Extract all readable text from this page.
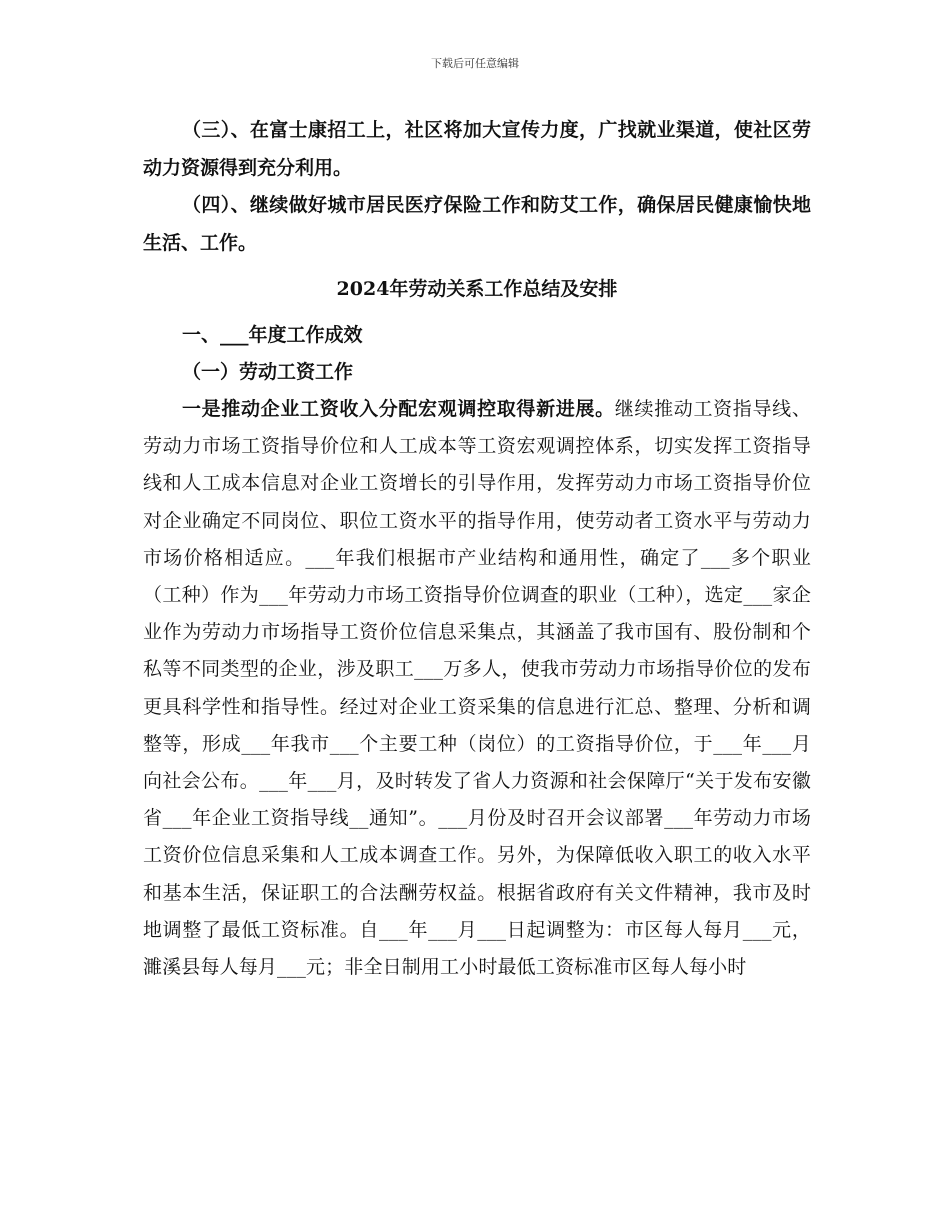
下载后可任意编辑

（三）、在富士康招工上，社区将加大宣传力度，广找就业渠道，使社区劳动力资源得到充分利用。

（四）、继续做好城市居民医疗保险工作和防艾工作，确保居民健康愉快地生活、工作。

2024年劳动关系工作总结及安排

一、___年度工作成效

（一）劳动工资工作

一是推动企业工资收入分配宏观调控取得新进展。继续推动工资指导线、劳动力市场工资指导价位和人工成本等工资宏观调控体系，切实发挥工资指导线和人工成本信息对企业工资增长的引导作用，发挥劳动力市场工资指导价位对企业确定不同岗位、职位工资水平的指导作用，使劳动者工资水平与劳动力市场价格相适应。___年我们根据市产业结构和通用性，确定了___多个职业（工种）作为___年劳动力市场工资指导价位调查的职业（工种），选定___家企业作为劳动力市场指导工资价位信息采集点，其涵盖了我市国有、股份制和个私等不同类型的企业，涉及职工___万多人，使我市劳动力市场指导价位的发布更具科学性和指导性。经过对企业工资采集的信息进行汇总、整理、分析和调整等，形成___年我市___个主要工种（岗位）的工资指导价位，于___年___月向社会公布。___年___月，及时转发了省人力资源和社会保障厅“关于发布安徽省___年企业工资指导线__通知”。___月份及时召开会议部署___年劳动力市场工资价位信息采集和人工成本调查工作。另外，为保障低收入职工的收入水平和基本生活，保证职工的合法酬劳权益。根据省政府有关文件精神，我市及时地调整了最低工资标准。自___年___月___日起调整为：市区每人每月___元，濉溪县每人每月___元；非全日制用工小时最低工资标准市区每人每小时
